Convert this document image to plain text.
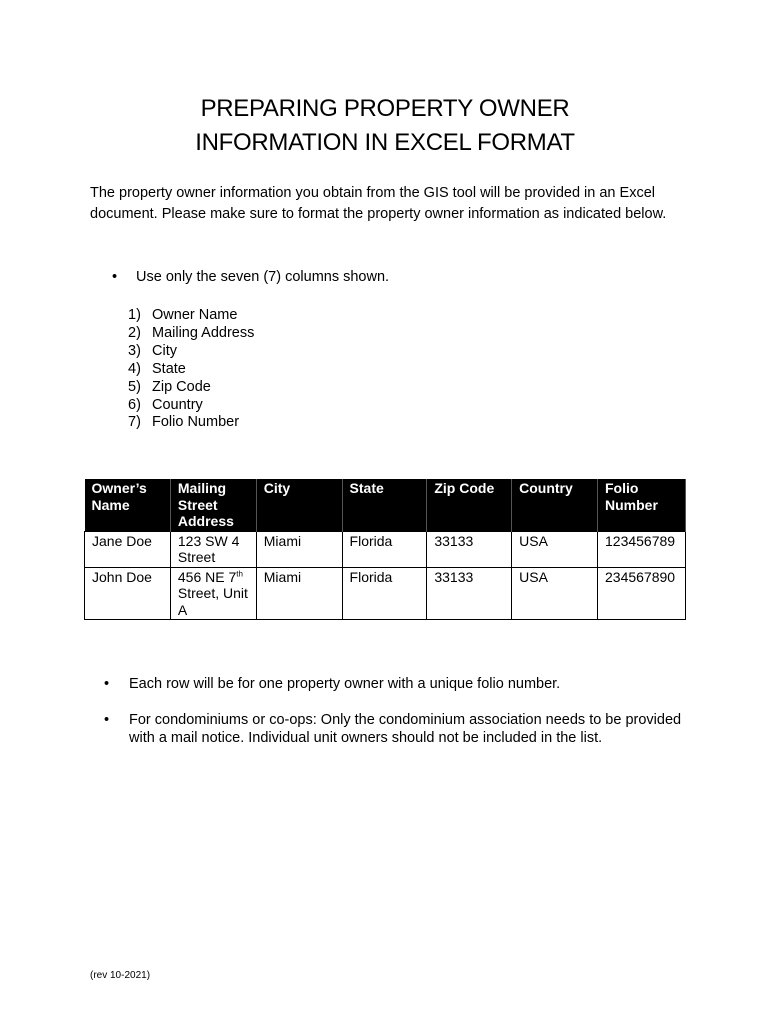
PREPARING PROPERTY OWNER
INFORMATION IN EXCEL FORMAT
The property owner information you obtain from the GIS tool will be provided in an Excel document. Please make sure to format the property owner information as indicated below.
• Use only the seven (7) columns shown.
1) Owner Name
2) Mailing Address
3) City
4) State
5) Zip Code
6) Country
7) Folio Number
Owner’s Name	Mailing Street Address	City	State	Zip Code	Country	Folio Number
Jane Doe	123 SW 4 Street	Miami	Florida	33133	USA	123456789
John Doe	456 NE 7th Street, Unit A	Miami	Florida	33133	USA	234567890
• Each row will be for one property owner with a unique folio number.
• For condominiums or co-ops: Only the condominium association needs to be provided with a mail notice. Individual unit owners should not be included in the list.
(rev 10-2021)
